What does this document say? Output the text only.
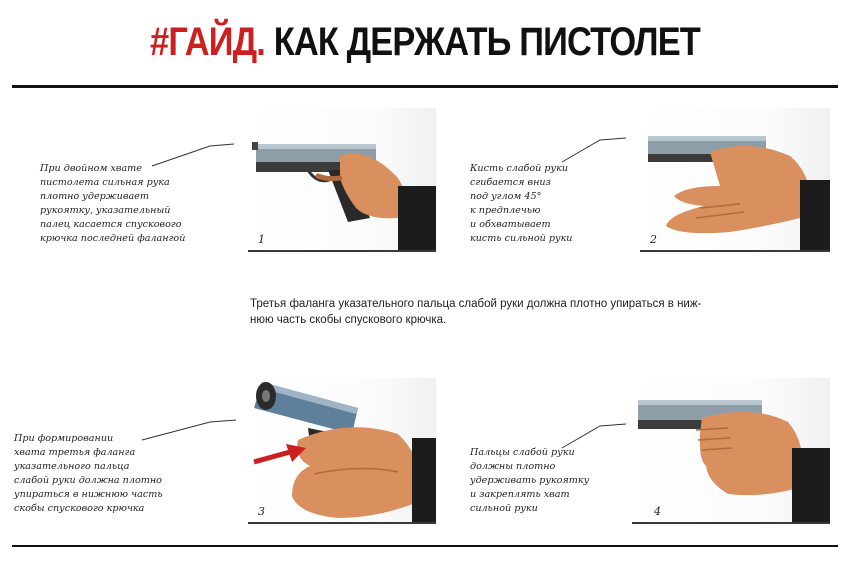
#ГАЙД. КАК ДЕРЖАТЬ ПИСТОЛЕТ
При двойном хвате
пистолета сильная рука
плотно удерживает
рукоятку, указательный
палец касается спускового
крючка последней фалангой	1
Кисть слабой руки
сгибается вниз
под углом 45°
к предплечью
и обхватывает
кисть сильной руки	2
Третья фаланга указательного пальца слабой руки должна плотно упираться в ниж-
нюю часть скобы спускового крючка.
При формировании
хвата третья фаланга
указательного пальца
слабой руки должна плотно
упираться в нижнюю часть
скобы спускового крючка	3
Пальцы слабой руки
должны плотно
удерживать рукоятку
и закреплять хват
сильной руки	4
